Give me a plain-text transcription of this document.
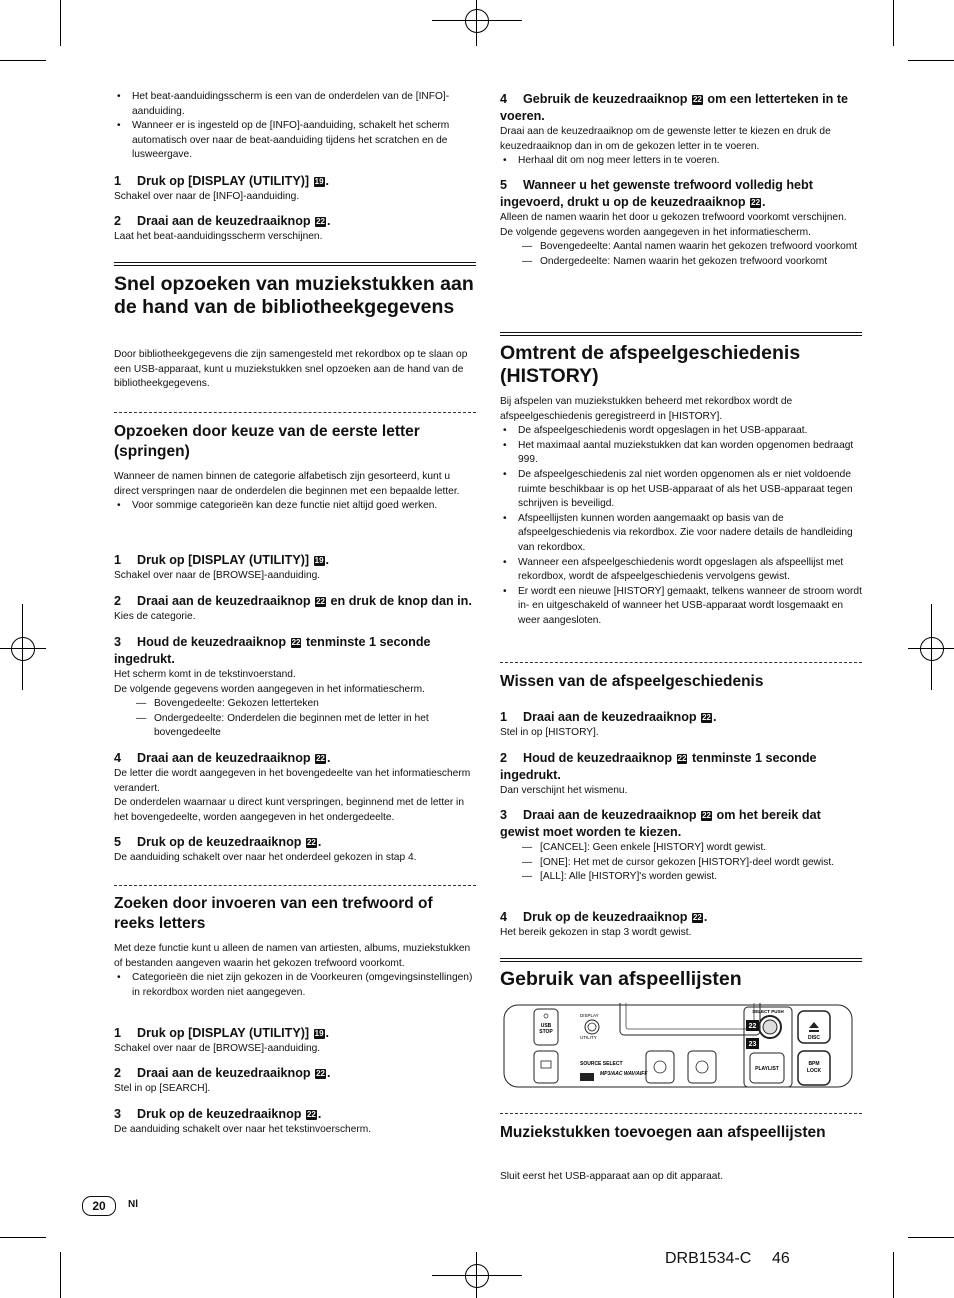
• Het beat-aanduidingsscherm is een van de onderdelen van de [INFO]-aanduiding.

• Wanneer er is ingesteld op de [INFO]-aanduiding, schakelt het scherm automatisch over naar de beat-aanduiding tijdens het scratchen en de lusweergave.

1 Druk op [DISPLAY (UTILITY)] 19 .

Schakel over naar de [INFO]-aanduiding.

2 Draai aan de keuzedraaiknop 22 .

Laat het beat-aanduidingsscherm verschijnen.

Snel opzoeken van muziekstukken aan de hand van de bibliotheekgegevens

Door bibliotheekgegevens die zijn samengesteld met rekordbox op te slaan op een USB-apparaat, kunt u muziekstukken snel opzoeken aan de hand van de bibliotheekgegevens.

Opzoeken door keuze van de eerste letter (springen)

Wanneer de namen binnen de categorie alfabetisch zijn gesorteerd, kunt u direct verspringen naar de onderdelen die beginnen met een bepaalde letter.

• Voor sommige categorieën kan deze functie niet altijd goed werken.

1 Druk op [DISPLAY (UTILITY)] 19 .

Schakel over naar de [BROWSE]-aanduiding.

2 Draai aan de keuzedraaiknop 22 en druk de knop dan in.

Kies de categorie.

3 Houd de keuzedraaiknop 22 tenminste 1 seconde ingedrukt.

Het scherm komt in de tekstinvoerstand.

De volgende gegevens worden aangegeven in het informatiescherm.

— Bovengedeelte: Gekozen letterteken

— Ondergedeelte: Onderdelen die beginnen met de letter in het bovengedeelte

4 Draai aan de keuzedraaiknop 22 .

De letter die wordt aangegeven in het bovengedeelte van het informatiescherm verandert.

De onderdelen waarnaar u direct kunt verspringen, beginnend met de letter in het bovengedeelte, worden aangegeven in het ondergedeelte.

5 Druk op de keuzedraaiknop 22 .

De aanduiding schakelt over naar het onderdeel gekozen in stap 4.

Zoeken door invoeren van een trefwoord of reeks letters

Met deze functie kunt u alleen de namen van artiesten, albums, muziekstukken of bestanden aangeven waarin het gekozen trefwoord voorkomt.

• Categorieën die niet zijn gekozen in de Voorkeuren (omgevingsinstellingen) in rekordbox worden niet aangegeven.

1 Druk op [DISPLAY (UTILITY)] 19 .

Schakel over naar de [BROWSE]-aanduiding.

2 Draai aan de keuzedraaiknop 22 .

Stel in op [SEARCH].

3 Druk op de keuzedraaiknop 22 .

De aanduiding schakelt over naar het tekstinvoerscherm.

4 Gebruik de keuzedraaiknop 22 om een letterteken in te voeren.

Draai aan de keuzedraaiknop om de gewenste letter te kiezen en druk de keuzedraaiknop dan in om de gekozen letter in te voeren.

• Herhaal dit om nog meer letters in te voeren.

5 Wanneer u het gewenste trefwoord volledig hebt ingevoerd, drukt u op de keuzedraaiknop 22 .

Alleen de namen waarin het door u gekozen trefwoord voorkomt verschijnen.

De volgende gegevens worden aangegeven in het informatiescherm.

— Bovengedeelte: Aantal namen waarin het gekozen trefwoord voorkomt

— Ondergedeelte: Namen waarin het gekozen trefwoord voorkomt

Omtrent de afspeelgeschiedenis (HISTORY)

Bij afspelen van muziekstukken beheerd met rekordbox wordt de afspeelgeschiedenis geregistreerd in [HISTORY].

• De afspeelgeschiedenis wordt opgeslagen in het USB-apparaat.

• Het maximaal aantal muziekstukken dat kan worden opgenomen bedraagt 999.

• De afspeelgeschiedenis zal niet worden opgenomen als er niet voldoende ruimte beschikbaar is op het USB-apparaat of als het USB-apparaat tegen schrijven is beveiligd.

• Afspeellijsten kunnen worden aangemaakt op basis van de afspeelgeschiedenis via rekordbox. Zie voor nadere details de handleiding van rekordbox.

• Wanneer een afspeelgeschiedenis wordt opgeslagen als afspeellijst met rekordbox, wordt de afspeelgeschiedenis vervolgens gewist.

• Er wordt een nieuwe [HISTORY] gemaakt, telkens wanneer de stroom wordt in- en uitgeschakeld of wanneer het USB-apparaat wordt losgemaakt en weer aangesloten.

Wissen van de afspeelgeschiedenis

1 Draai aan de keuzedraaiknop 22 .

Stel in op [HISTORY].

2 Houd de keuzedraaiknop 22 tenminste 1 seconde ingedrukt.

Dan verschijnt het wismenu.

3 Draai aan de keuzedraaiknop 22 om het bereik dat gewist moet worden te kiezen.

— [CANCEL]: Geen enkele [HISTORY] wordt gewist.

— [ONE]: Het met de cursor gekozen [HISTORY]-deel wordt gewist.

— [ALL]: Alle [HISTORY]'s worden gewist.

4 Druk op de keuzedraaiknop 22 .

Het bereik gekozen in stap 3 wordt gewist.

Gebruik van afspeellijsten

Muziekstukken toevoegen aan afspeellijsten

Sluit eerst het USB-apparaat aan op dit apparaat.

USB
STOP
DISPLAY
UTILITY
SELECT PUSH
22
23
DISC
SOURCE SELECT
MP3/AAC WAV/AIFF
PLAYLIST
BPM
LOCK
20	Nl
DRB1534-C 46
